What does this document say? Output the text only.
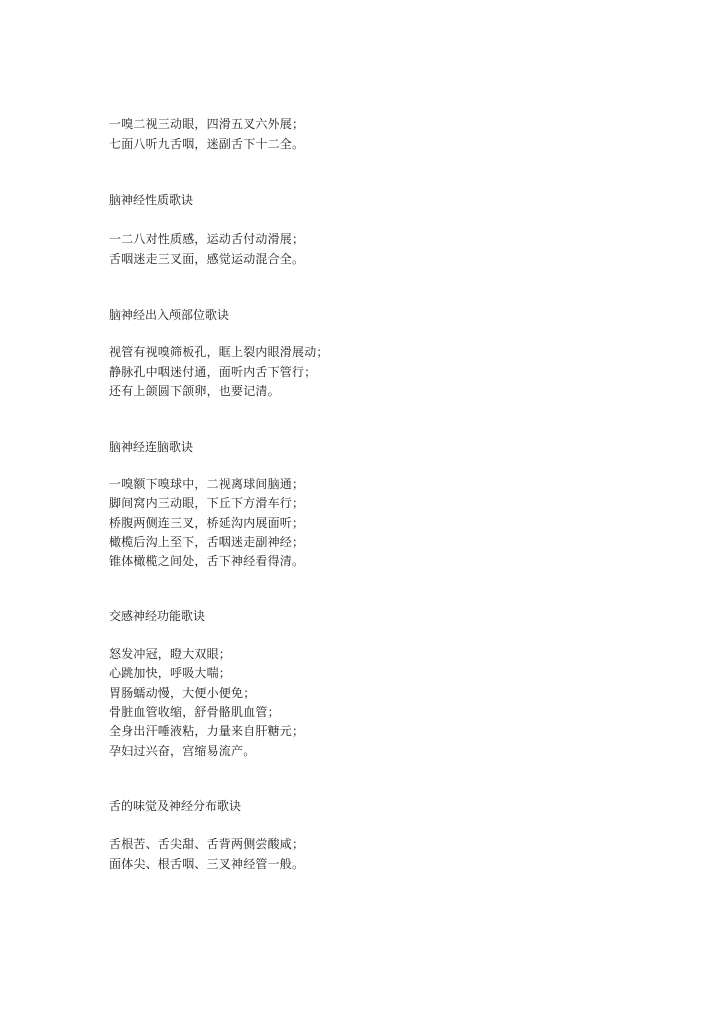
一嗅二视三动眼，四滑五叉六外展；
七面八听九舌咽，迷副舌下十二全。
脑神经性质歌诀
一二八对性质感，运动舌付动滑展；
舌咽迷走三叉面，感觉运动混合全。
脑神经出入颅部位歌诀
视管有视嗅筛板孔，眶上裂内眼滑展动；
静脉孔中咽迷付通，面听内舌下管行；
还有上颌圆下颌卵，也要记清。
脑神经连脑歌诀
一嗅额下嗅球中，二视离球间脑通；
脚间窝内三动眼，下丘下方滑车行；
桥腹两侧连三叉，桥延沟内展面听；
橄榄后沟上至下，舌咽迷走副神经；
锥体橄榄之间处，舌下神经看得清。
交感神经功能歌诀
怒发冲冠，瞪大双眼；
心跳加快，呼吸大喘；
胃肠蠕动慢，大便小便免；
骨脏血管收缩，舒骨骼肌血管；
全身出汗唾液粘，力量来自肝糖元；
孕妇过兴奋，宫缩易流产。
舌的味觉及神经分布歌诀
舌根苦、舌尖甜、舌背两侧尝酸咸；
面体尖、根舌咽、三叉神经管一般。
